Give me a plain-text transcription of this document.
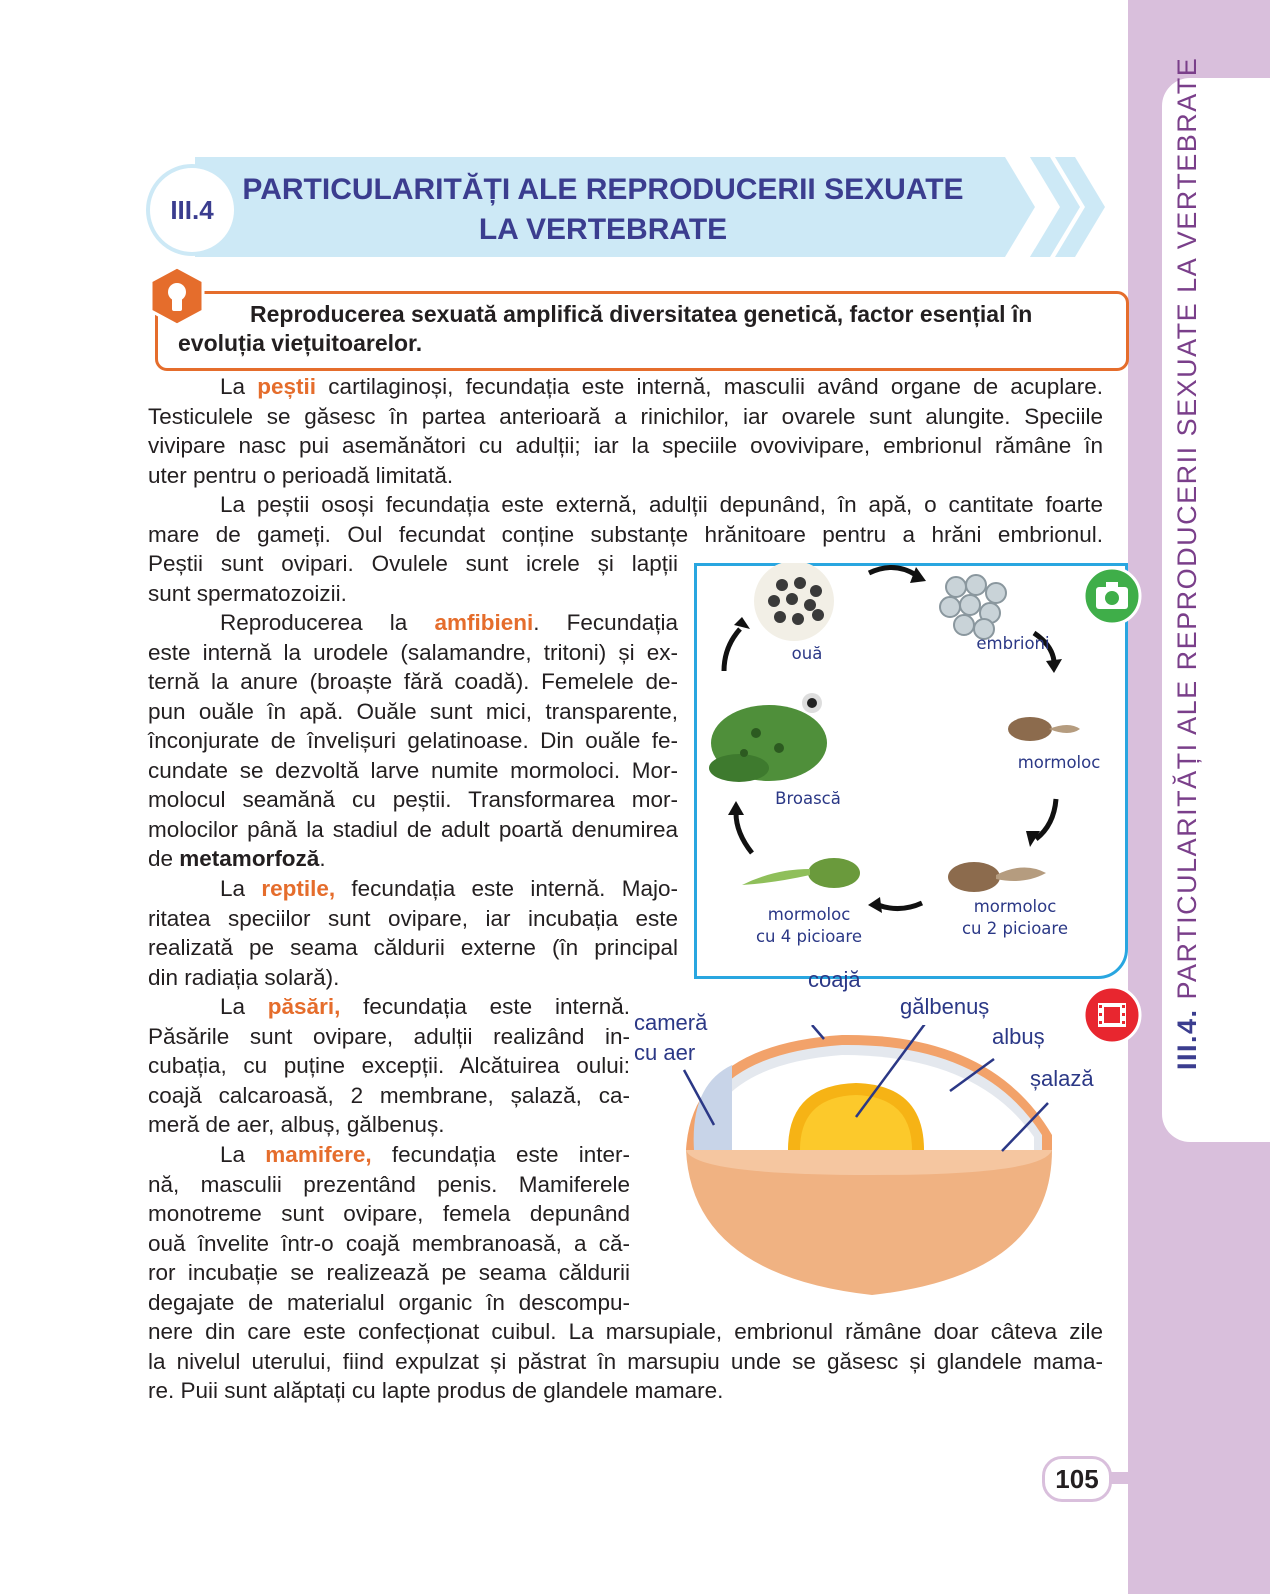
III.4. PARTICULARITĂȚI ALE REPRODUCERII SEXUATE LA VERTEBRATE
III.4
PARTICULARITĂȚI ALE REPRODUCERII SEXUATE
LA VERTEBRATE
Reproducerea sexuată amplifică diversitatea genetică, factor esențial în
evoluția viețuitoarelor.
La peștii cartilaginoși, fecundația este internă, masculii având organe de acuplare.
Testiculele se găsesc în partea anterioară a rinichilor, iar ovarele sunt alungite. Speciile
vivipare nasc pui asemănători cu adulții; iar la speciile ovovivipare, embrionul rămâne în
uter pentru o perioadă limitată.
La peștii osoși fecundația este externă, adulții depunând, în apă, o cantitate foarte
mare de gameți. Oul fecundat conține substanțe hrănitoare pentru a hrăni embrionul.
Peștii sunt ovipari. Ovulele sunt icrele și lapții
sunt spermatozoizii.
Reproducerea la amfibieni. Fecundația
este internă la urodele (salamandre, tritoni) și ex-
ternă la anure (broaște fără coadă). Femelele de-
pun ouăle în apă. Ouăle sunt mici, transparente,
înconjurate de învelișuri gelatinoase. Din ouăle fe-
cundate se dezvoltă larve numite mormoloci. Mor-
molocul seamănă cu peștii. Transformarea mor-
molocilor până la stadiul de adult poartă denumirea
de metamorfoză.
La reptile, fecundația este internă. Majo-
ritatea speciilor sunt ovipare, iar incubația este
realizată pe seama căldurii externe (în principal
din radiația solară).
La păsări, fecundația este internă.
Păsările sunt ovipare, adulții realizând in-
cubația, cu puține excepții. Alcătuirea oului:
coajă calcaroasă, 2 membrane, șalază, ca-
meră de aer, albuș, gălbenuș.
La mamifere, fecundația este inter-
nă, masculii prezentând penis. Mamiferele
monotreme sunt ovipare, femela depunând
ouă învelite într-o coajă membranoasă, a că-
ror incubație se realizează pe seama căldurii
degajate de materialul organic în descompu-
nere din care este confecționat cuibul. La marsupiale, embrionul rămâne doar câteva zile
la nivelul uterului, fiind expulzat și păstrat în marsupiu unde se găsesc și glandele mama-
re. Puii sunt alăptați cu lapte produs de glandele mamare.
ouă
embrioni
mormoloc
mormoloc
cu 2 picioare
mormoloc
cu 4 picioare
Broască
coajă
gălbenuș
albuș
șalază
cameră
cu aer
105
